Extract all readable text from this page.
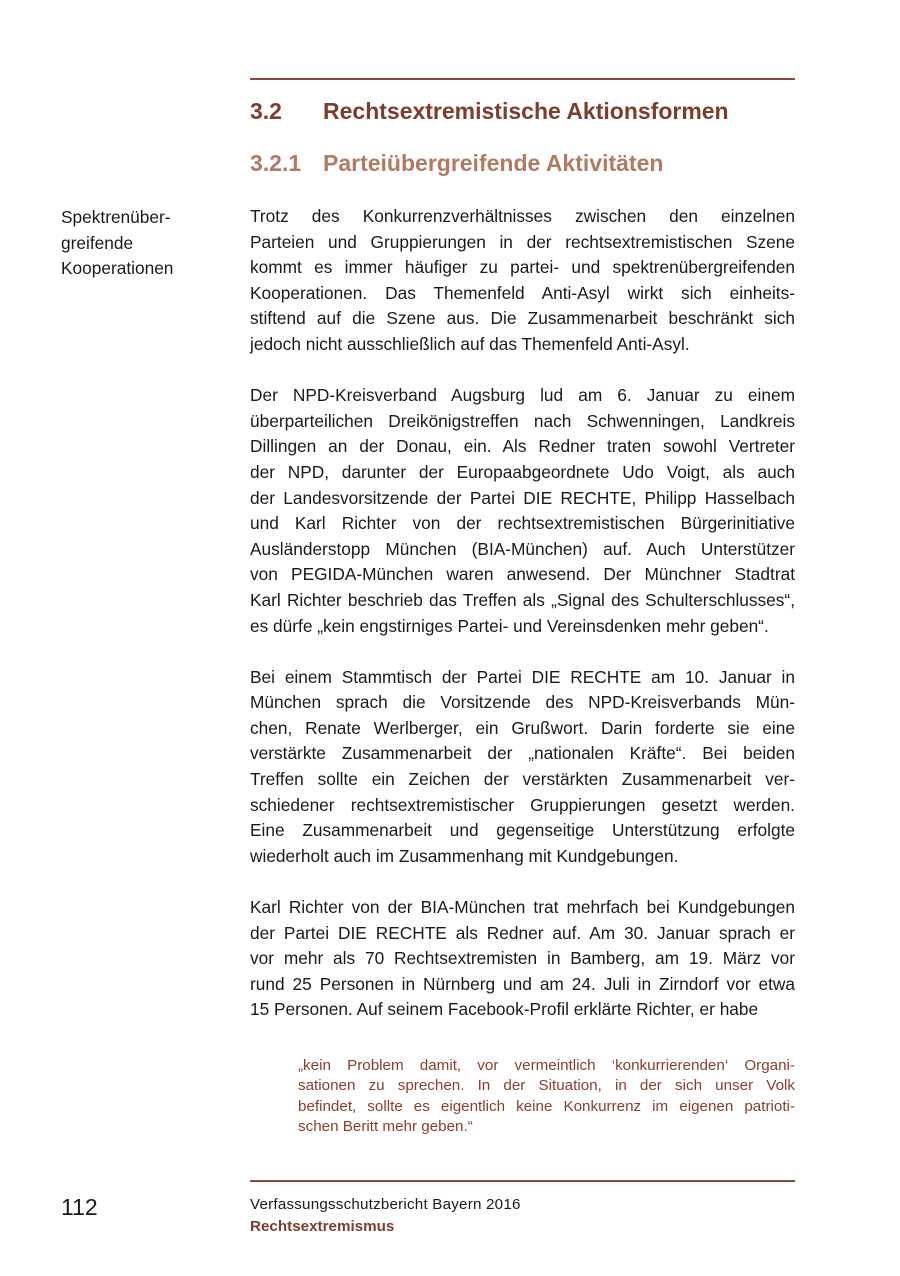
3.2 Rechtsextremistische Aktionsformen
3.2.1 Parteiübergreifende Aktivitäten
Spektrenüber-
greifende
Kooperationen

Trotz des Konkurrenzverhältnisses zwischen den einzelnen
Parteien und Gruppierungen in der rechtsextremistischen Szene
kommt es immer häufiger zu partei- und spektrenübergreifenden
Kooperationen. Das Themenfeld Anti-Asyl wirkt sich einheits-
stiftend auf die Szene aus. Die Zusammenarbeit beschränkt sich
jedoch nicht ausschließlich auf das Themenfeld Anti-Asyl.

Der NPD-Kreisverband Augsburg lud am 6. Januar zu einem
überparteilichen Dreikönigstreffen nach Schwenningen, Landkreis
Dillingen an der Donau, ein. Als Redner traten sowohl Vertreter
der NPD, darunter der Europaabgeordnete Udo Voigt, als auch
der Landesvorsitzende der Partei DIE RECHTE, Philipp Hasselbach
und Karl Richter von der rechtsextremistischen Bürgerinitiative
Ausländerstopp München (BIA-München) auf. Auch Unterstützer
von PEGIDA-München waren anwesend. Der Münchner Stadtrat
Karl Richter beschrieb das Treffen als „Signal des Schulterschlusses“,
es dürfe „kein engstirniges Partei- und Vereinsdenken mehr geben“.

Bei einem Stammtisch der Partei DIE RECHTE am 10. Januar in
München sprach die Vorsitzende des NPD-Kreisverbands Mün-
chen, Renate Werlberger, ein Grußwort. Darin forderte sie eine
verstärkte Zusammenarbeit der „nationalen Kräfte“. Bei beiden
Treffen sollte ein Zeichen der verstärkten Zusammenarbeit ver-
schiedener rechtsextremistischer Gruppierungen gesetzt werden.
Eine Zusammenarbeit und gegenseitige Unterstützung erfolgte
wiederholt auch im Zusammenhang mit Kundgebungen.

Karl Richter von der BIA-München trat mehrfach bei Kundgebungen
der Partei DIE RECHTE als Redner auf. Am 30. Januar sprach er
vor mehr als 70 Rechtsextremisten in Bamberg, am 19. März vor
rund 25 Personen in Nürnberg und am 24. Juli in Zirndorf vor etwa
15 Personen. Auf seinem Facebook-Profil erklärte Richter, er habe

„kein Problem damit, vor vermeintlich ‘konkurrierenden‘ Organi-
sationen zu sprechen. In der Situation, in der sich unser Volk
befindet, sollte es eigentlich keine Konkurrenz im eigenen patrioti-
schen Beritt mehr geben.“
112	Verfassungsschutzbericht Bayern 2016
Rechtsextremismus
